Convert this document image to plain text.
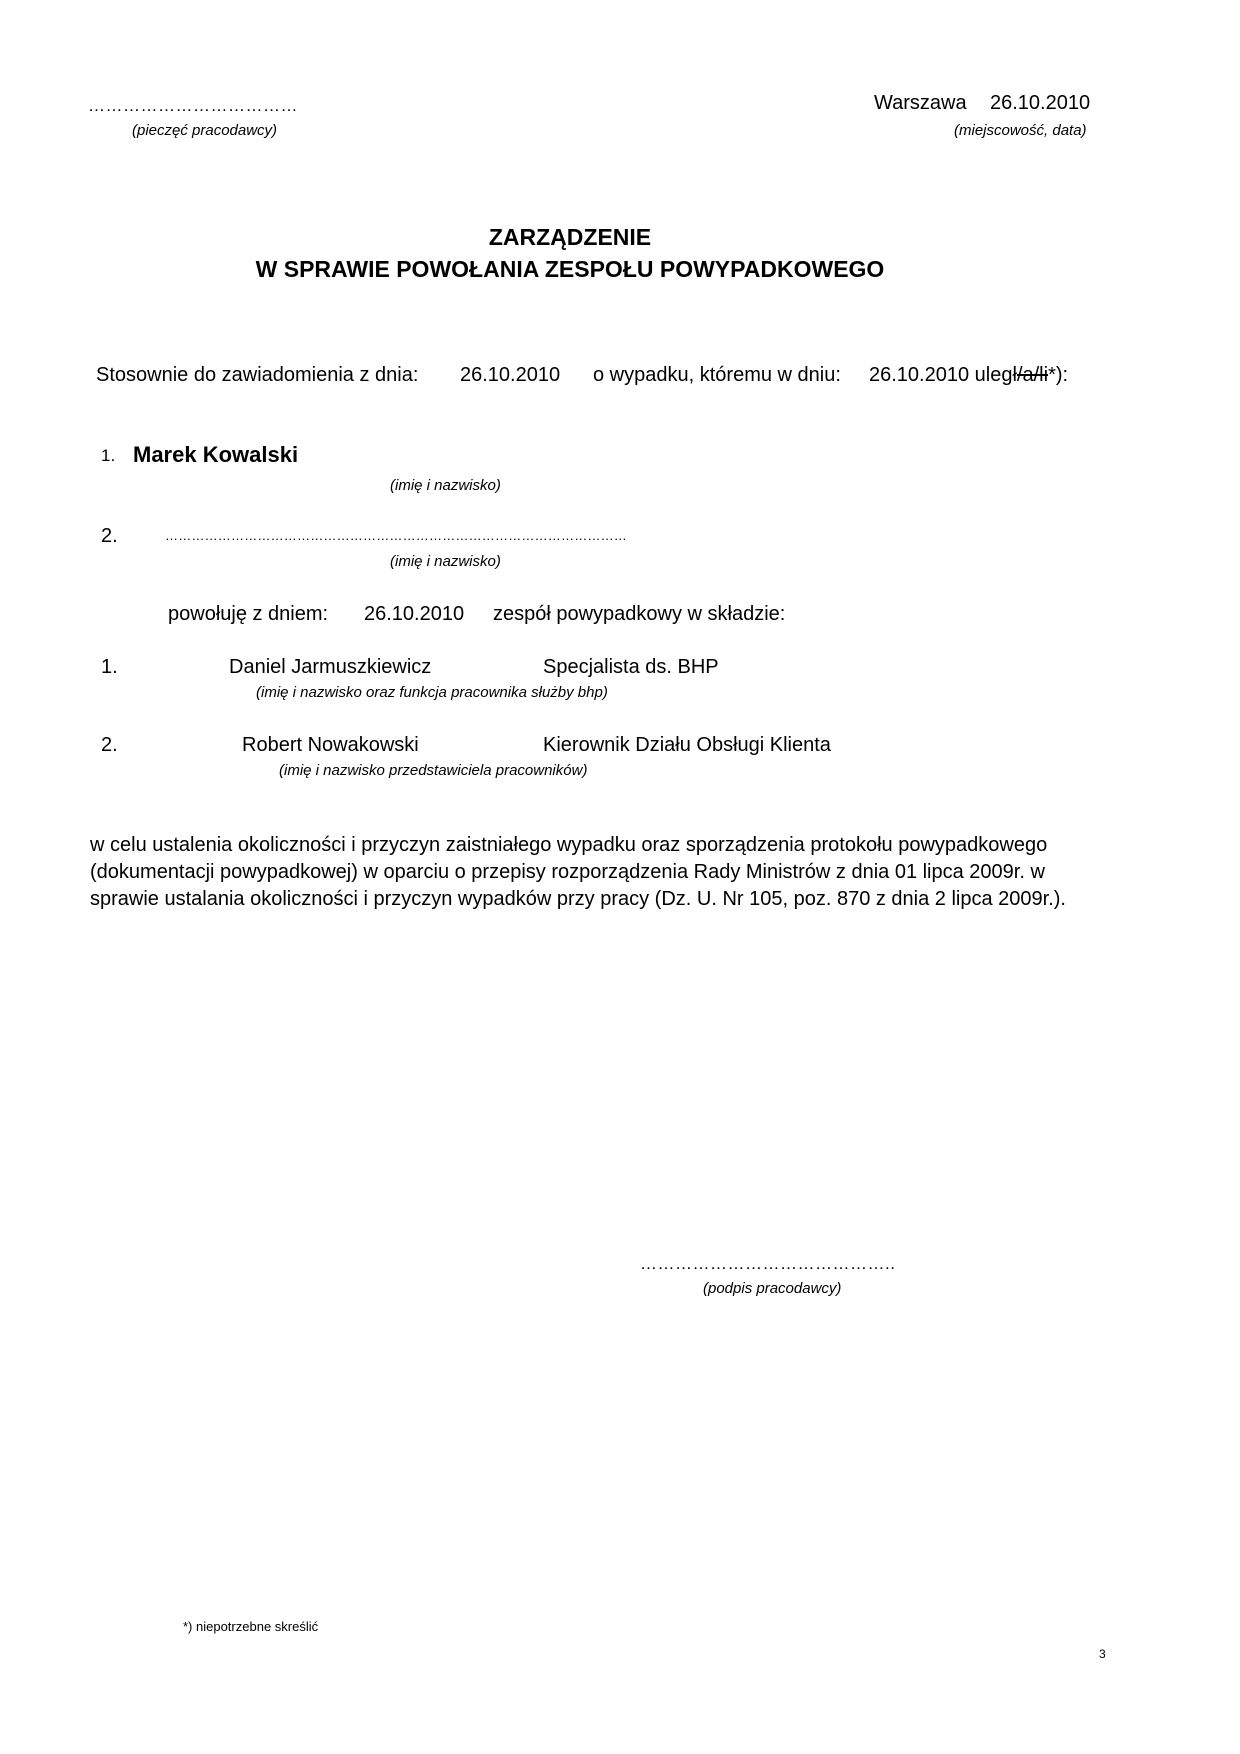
………………………………
(pieczęć pracodawcy)
Warszawa 26.10.2010
(miejscowość, data)
ZARZĄDZENIE
W SPRAWIE POWOŁANIA ZESPOŁU POWYPADKOWEGO
Stosownie do zawiadomienia z dnia: 26.10.2010 o wypadku, któremu w dniu: 26.10.2010 uległ/a/li*):
1. Marek Kowalski
(imię i nazwisko)
2.	……………………………………………………………………………………………
(imię i nazwisko)
powołuję z dniem: 26.10.2010 zespół powypadkowy w składzie:
1.	Daniel Jarmuszkiewicz	Specjalista ds. BHP
(imię i nazwisko oraz funkcja pracownika służby bhp)
2.	Robert Nowakowski	Kierownik Działu Obsługi Klienta
(imię i nazwisko przedstawiciela pracowników)

w celu ustalenia okoliczności i przyczyn zaistniałego wypadku oraz sporządzenia protokołu powypadkowego

(dokumentacji powypadkowej) w oparciu o przepisy rozporządzenia Rady Ministrów z dnia 01 lipca 2009r. w

sprawie ustalania okoliczności i przyczyn wypadków przy pracy (Dz. U. Nr 105, poz. 870 z dnia 2 lipca 2009r.).

……………………………………..
(podpis pracodawcy)
*) niepotrzebne skreślić
3
